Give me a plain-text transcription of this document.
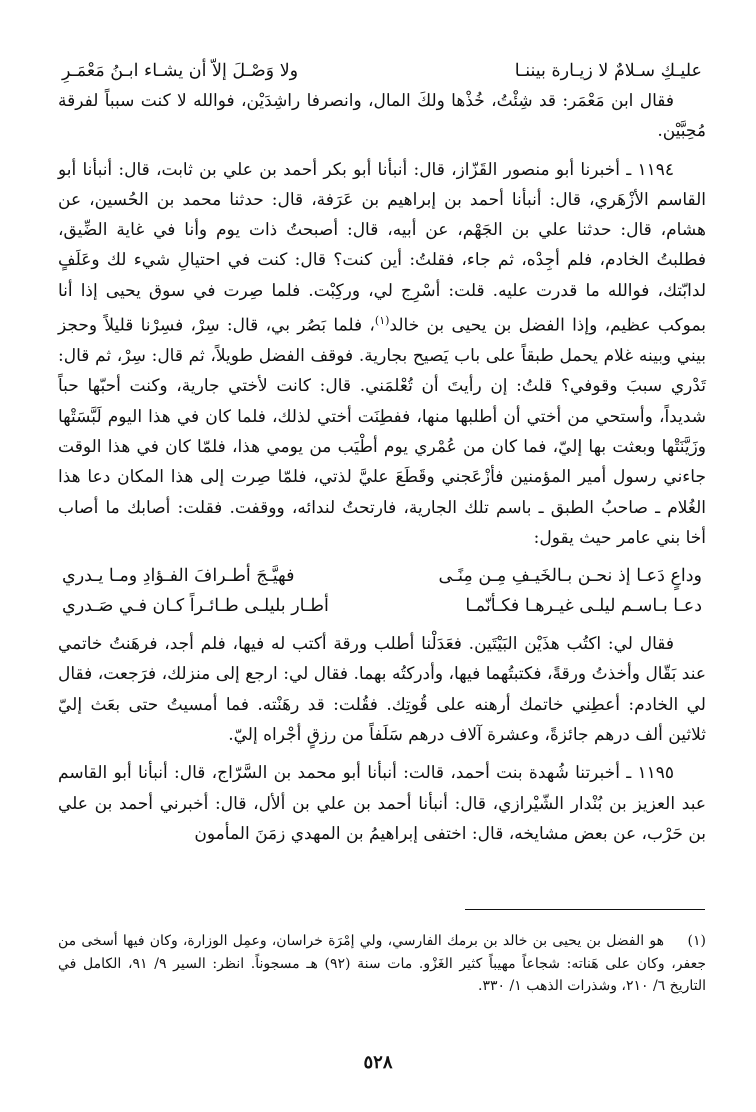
عليـكِ سـلامٌ لا زيـارة بيننـا
ولا وَصْـلَ إلاّ أن يشـاء ابـنُ مَعْمَـرِ

فقال ابن مَعْمَر: قد شِئْتُ، خُذْها ولكَ المال، وانصرفا راشِدَيْن، فوالله لا كنت سبباً لفرقة مُحِبَّيْن.

١١٩٤ ـ أخبرنا أبو منصور القَزّاز، قال: أنبأنا أبو بكر أحمد بن علي بن ثابت، قال: أنبأنا أبو القاسم الأزْهَري، قال: أنبأنا أحمد بن إبراهيم بن عَرَفة، قال: حدثنا محمد بن الحُسين، عن هشام، قال: حدثنا علي بن الجَهْم، عن أبيه، قال: أصبحتُ ذات يوم وأنا في غاية الضِّيق، فطلبتُ الخادم، فلم أجِدْه، ثم جاء، فقلتُ: أين كنت؟ قال: كنت في احتيالِ شيء لك وعَلَفٍ لدابّتك، فوالله ما قدرت عليه. قلت: أسْرِج لي، وركِبْت. فلما صِرت في سوق يحيى إذا أنا بموكب عظيم، وإذا الفضل بن يحيى بن خالد$^{(١)}$، فلما بَصُر بي، قال: سِرْ، فسِرْنا قليلاً وحجز بيني وبينه غلام يحمل طبقاً على باب يَصيح بجارية. فوقف الفضل طويلاً، ثم قال: سِرْ، ثم قال: تَدْري سببَ وقوفي؟ قلتُ: إن رأيتَ أن تُعْلمَني. قال: كانت لأختي جارية، وكنت أحبّها حباً شديداً، وأستحي من أختي أن أطلبها منها، ففطِنَت أختي لذلك، فلما كان في هذا اليوم لَبَّسَتْها وزَيَّنَتْها وبعثت بها إليّ، فما كان من عُمْري يوم أطْيَب من يومي هذا، فلمّا كان في هذا الوقت جاءني رسول أمير المؤمنين فأزْعَجني وقَطَعَ عليَّ لذتي، فلمّا صِرت إلى هذا المكان دعا هذا الغُلام ـ صاحبُ الطبق ـ باسم تلك الجارية، فارتحتُ لندائه، ووقفت. فقلت: أصابك ما أصاب أخا بني عامر حيث يقول:

وداعٍ دَعـا إذ نحـن بـالخَيـفِ مِـن مِنًـى
فهيَّـجَ أطـرافَ الفـؤادِ ومـا يـدري
دعـا بـاسـم ليلـى غيـرهـا فكـأنّمـا
أطـار بليلـى طـائـراً كـان فـي صَـدري

فقال لي: اكتُب هذَيْن البَيْتَين. فعَدَلْنا أطلب ورقة أكتب له فيها، فلم أجد، فرهَنتُ خاتمي عند بَقّال وأخذتُ ورقةً، فكتبتُهما فيها، وأدركتُه بهما. فقال لي: ارجع إلى منزلك، فرَجعت، فقال لي الخادم: أعطِني خاتمك أرهنه على قُوتِك. فقُلت: قد رهَنْته. فما أمسيتُ حتى بعَث إليّ ثلاثين ألف درهم جائزةً، وعشرة آلاف درهم سَلَفاً من رزقٍ أجْراه إليّ.

١١٩٥ ـ أخبرتنا شُهدة بنت أحمد، قالت: أنبأنا أبو محمد بن السَّرّاج، قال: أنبأنا أبو القاسم عبد العزيز بن بُنْدار الشّيْرازي، قال: أنبأنا أحمد بن علي بن ألأل، قال: أخبرني أحمد بن علي بن حَرْب، عن بعض مشايخه، قال: اختفى إبراهيمُ بن المهدي زمَنَ المأمون

(١)هو الفضل بن يحيى بن خالد بن برمك الفارسي، ولي إمْرَة خراسان، وعمِل الوزارة، وكان فيها أسخى من جعفر، وكان على هَناته: شجاعاً مهيباً كثير الغَزْو. مات سنة (٩٢) هـ مسجوناً. انظر: السير ٩/ ٩١، الكامل في التاريخ ٦/ ٢١٠، وشذرات الذهب ١/ ٣٣٠.
٥٢٨
